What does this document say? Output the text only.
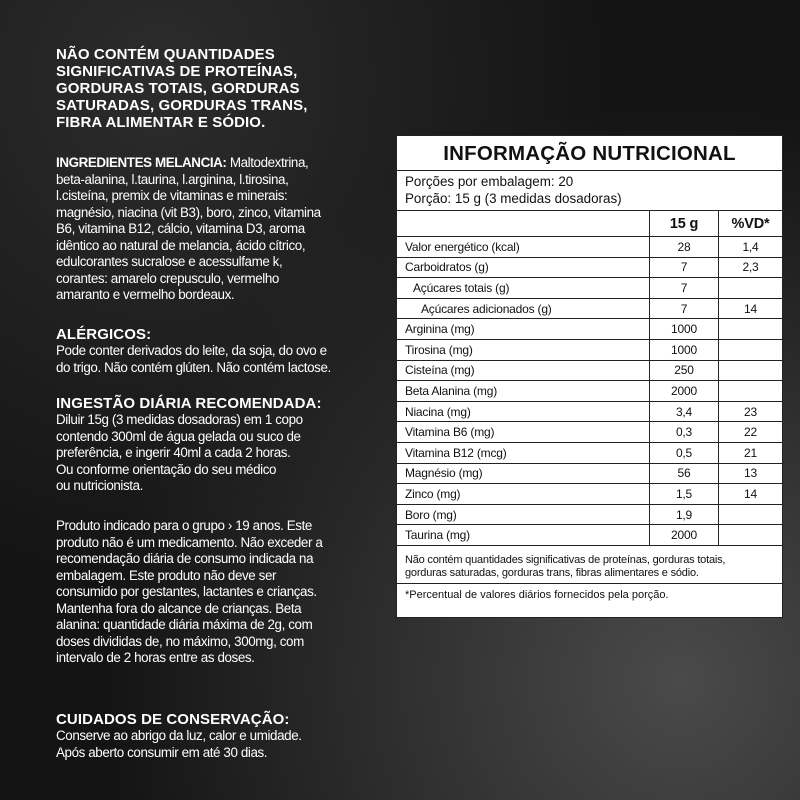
NÃO CONTÉM QUANTIDADES
SIGNIFICATIVAS DE PROTEÍNAS,
GORDURAS TOTAIS, GORDURAS
SATURADAS, GORDURAS TRANS,
FIBRA ALIMENTAR E SÓDIO.
INGREDIENTES MELANCIA: Maltodextrina,
beta-alanina, l.taurina, l.arginina, l.tirosina,
l.cisteína, premix de vitaminas e minerais:
magnésio, niacina (vit B3), boro, zinco, vitamina
B6, vitamina B12, cálcio, vitamina D3, aroma
idêntico ao natural de melancia, ácido cítrico,
edulcorantes sucralose e acessulfame k,
corantes: amarelo crepusculo, vermelho
amaranto e vermelho bordeaux.
ALÉRGICOS:
Pode conter derivados do leite, da soja, do ovo e
do trigo. Não contém glúten. Não contém lactose.
INGESTÃO DIÁRIA RECOMENDADA:
Diluir 15g (3 medidas dosadoras) em 1 copo
contendo 300ml de água gelada ou suco de
preferência, e ingerir 40ml a cada 2 horas.
Ou conforme orientação do seu médico
ou nutricionista.
Produto indicado para o grupo › 19 anos. Este
produto não é um medicamento. Não exceder a
recomendação diária de consumo indicada na
embalagem. Este produto não deve ser
consumido por gestantes, lactantes e crianças.
Mantenha fora do alcance de crianças. Beta
alanina: quantidade diária máxima de 2g, com
doses divididas de, no máximo, 300mg, com
intervalo de 2 horas entre as doses.
CUIDADOS DE CONSERVAÇÃO:
Conserve ao abrigo da luz, calor e umidade.
Após aberto consumir em até 30 dias.
INFORMAÇÃO NUTRICIONAL
Porções por embalagem: 20
Porção: 15 g (3 medidas dosadoras)
	15 g	%VD*
Valor energético (kcal)	28	1,4
Carboidratos (g)	7	2,3
Açúcares totais (g)	7	
Açúcares adicionados (g)	7	14
Arginina (mg)	1000	
Tirosina (mg)	1000	
Cisteína (mg)	250	
Beta Alanina (mg)	2000	
Niacina (mg)	3,4	23
Vitamina B6 (mg)	0,3	22
Vitamina B12 (mcg)	0,5	21
Magnésio (mg)	56	13
Zinco (mg)	1,5	14
Boro (mg)	1,9	
Taurina (mg)	2000	
Não contém quantidades significativas de proteínas, gorduras totais,
gorduras saturadas, gorduras trans, fibras alimentares e sódio.
*Percentual de valores diários fornecidos pela porção.
